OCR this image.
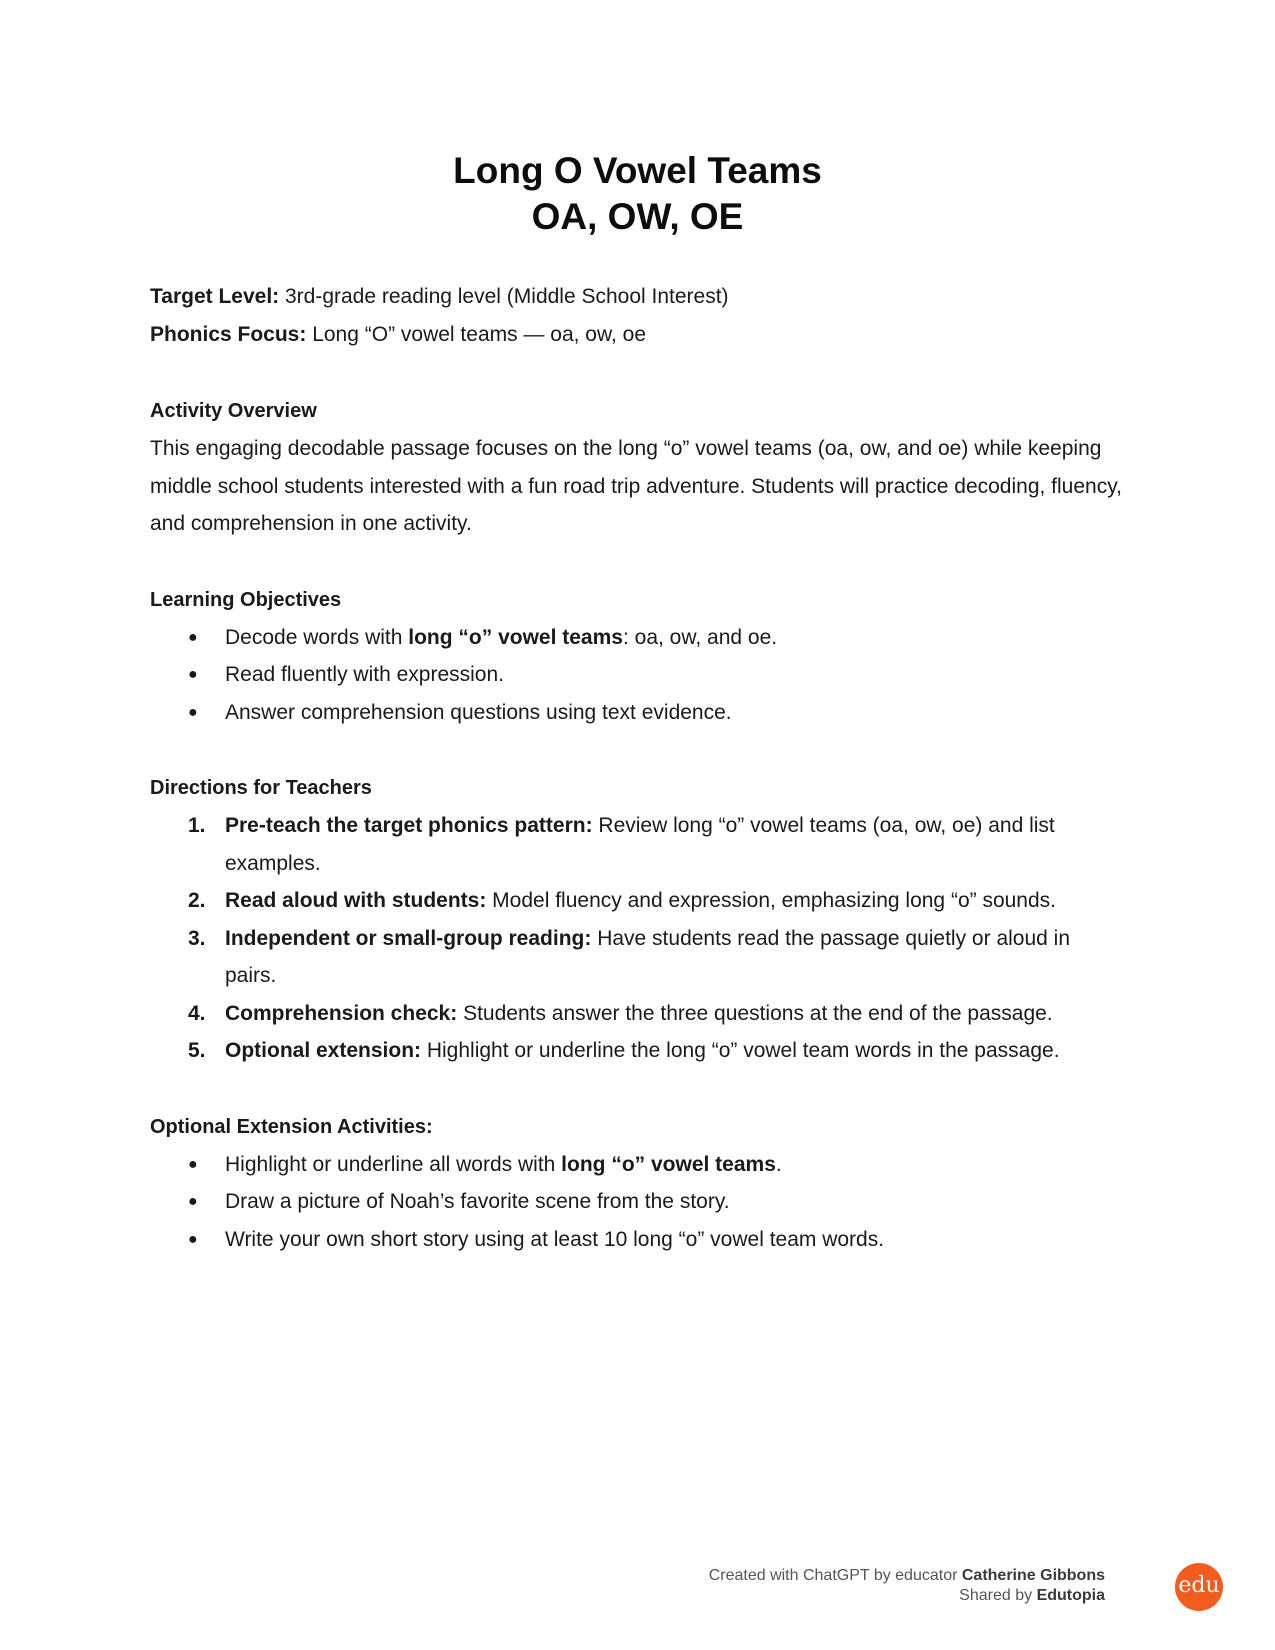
Long O Vowel Teams
OA, OW, OE
Target Level: 3rd-grade reading level (Middle School Interest)
Phonics Focus: Long “O” vowel teams — oa, ow, oe

Activity Overview

This engaging decodable passage focuses on the long “o” vowel teams (oa, ow, and oe) while keeping middle school students interested with a fun road trip adventure. Students will practice decoding, fluency, and comprehension in one activity.

Learning Objectives

● Decode words with long “o” vowel teams: oa, ow, and oe.
● Read fluently with expression.
● Answer comprehension questions using text evidence.

Directions for Teachers

1. Pre-teach the target phonics pattern: Review long “o” vowel teams (oa, ow, oe) and list examples.
2. Read aloud with students: Model fluency and expression, emphasizing long “o” sounds.
3. Independent or small-group reading: Have students read the passage quietly or aloud in pairs.
4. Comprehension check: Students answer the three questions at the end of the passage.
5. Optional extension: Highlight or underline the long “o” vowel team words in the passage.

Optional Extension Activities:

● Highlight or underline all words with long “o” vowel teams.
● Draw a picture of Noah’s favorite scene from the story.
● Write your own short story using at least 10 long “o” vowel team words.
Created with ChatGPT by educator Catherine Gibbons
Shared by Edutopia	edu
